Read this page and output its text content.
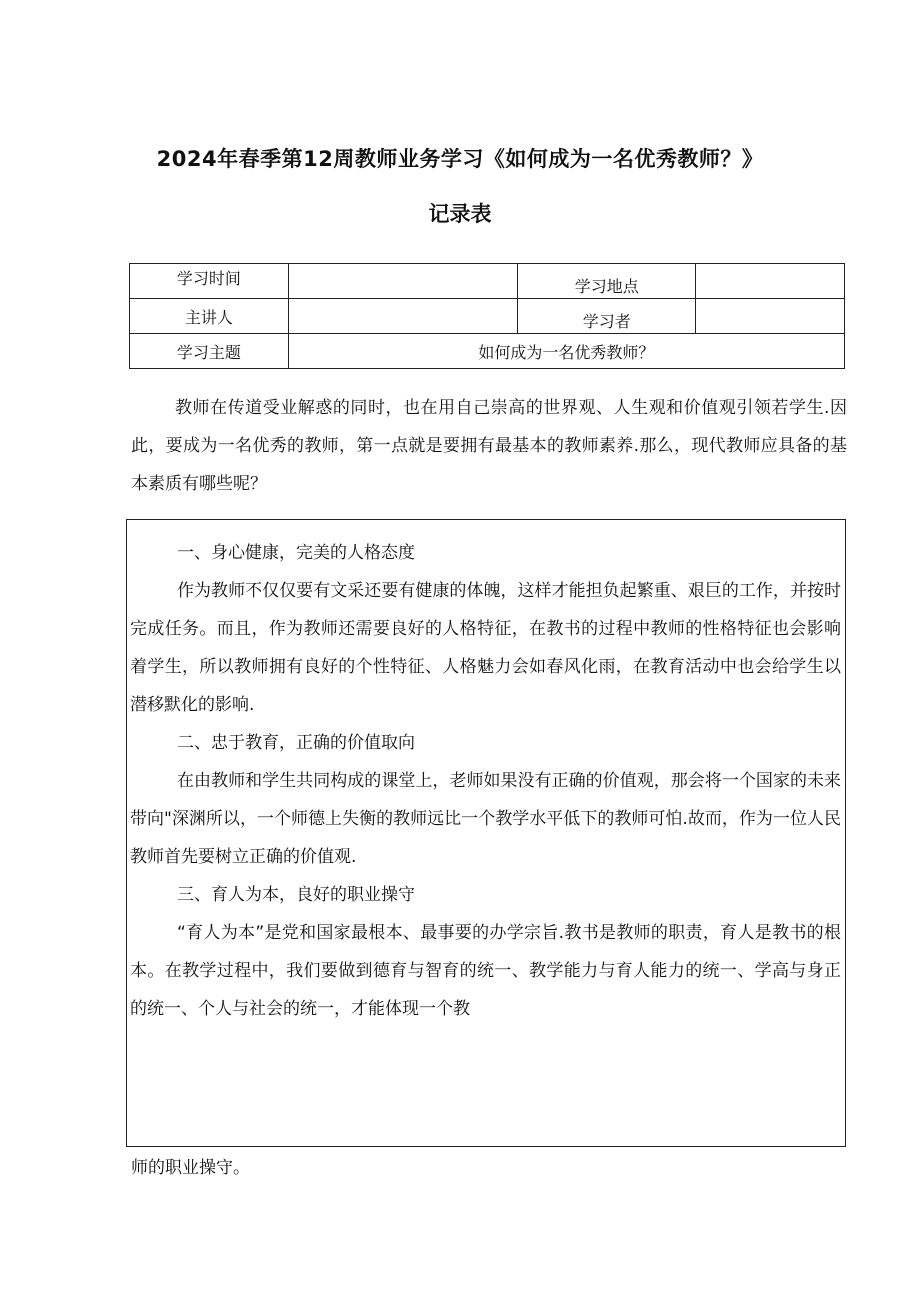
2024年春季第12周教师业务学习《如何成为一名优秀教师？》
记录表
学习时间		学习地点	
主讲人		学习者	
学习主题	如何成为一名优秀教师？		

教师在传道受业解惑的同时，也在用自己崇高的世界观、人生观和价值观引领若学生.因此，要成为一名优秀的教师，第一点就是要拥有最基本的教师素养.那么，现代教师应具备的基本素质有哪些呢？

一、身心健康，完美的人格态度

作为教师不仅仅要有文采还要有健康的体魄，这样才能担负起繁重、艰巨的工作，并按时完成任务。而且，作为教师还需要良好的人格特征，在教书的过程中教师的性格特征也会影响着学生，所以教师拥有良好的个性特征、人格魅力会如春风化雨，在教育活动中也会给学生以潜移默化的影响.

二、忠于教育，正确的价值取向

在由教师和学生共同构成的课堂上，老师如果没有正确的价值观，那会将一个国家的未来带向"深渊所以，一个师德上失衡的教师远比一个教学水平低下的教师可怕.故而，作为一位人民教师首先要树立正确的价值观.

三、育人为本，良好的职业操守

“育人为本”是党和国家最根本、最事要的办学宗旨.教书是教师的职责，育人是教书的根本。在教学过程中，我们要做到德育与智育的统一、教学能力与育人能力的统一、学高与身正的统一、个人与社会的统一，才能体现一个教

师的职业操守。
